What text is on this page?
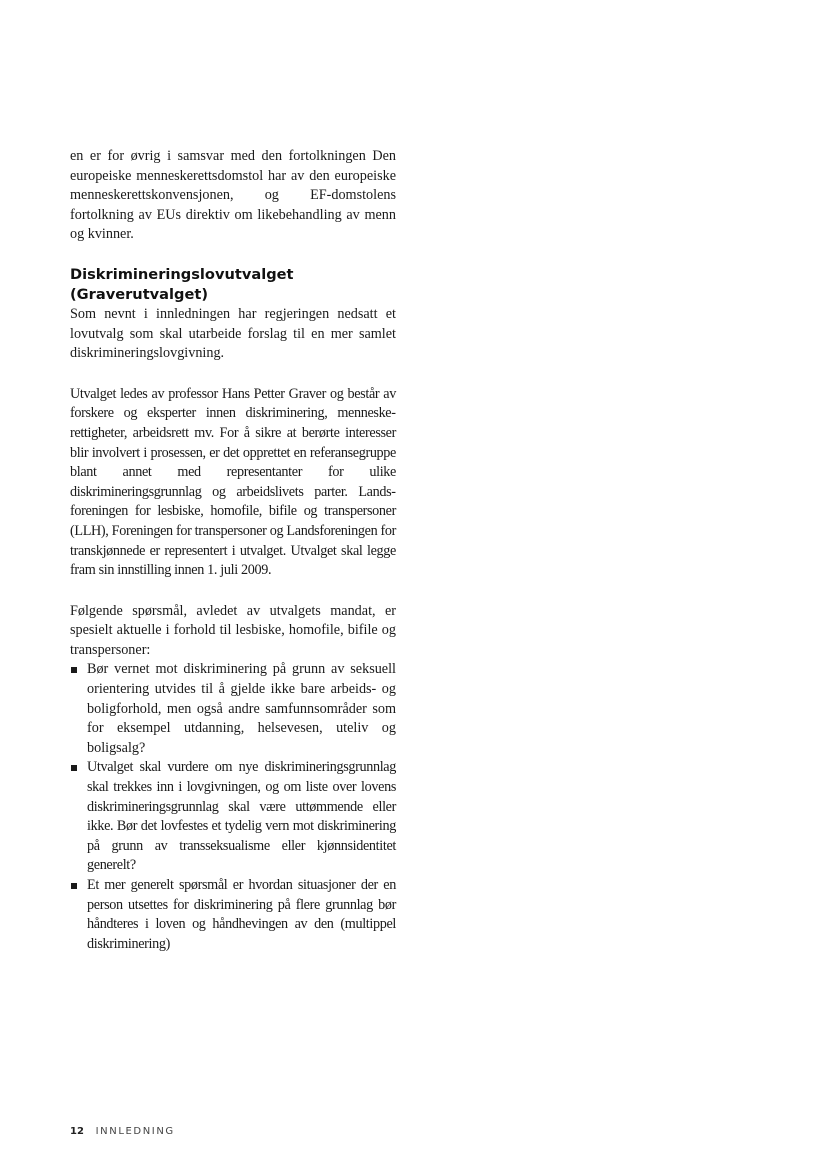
en er for øvrig i samsvar med den fortolkningen Den europeiske menneskerettsdomstol har av den europeiske menneskerettskonvensjonen, og EF-domstolens fortolkning av EUs direktiv om likebehandling av menn og kvinner.

Diskrimineringslovutvalget (Graverutvalget)

Som nevnt i innledningen har regjeringen nedsatt et lovutvalg som skal utarbeide forslag til en mer samlet diskrimineringslovgivning.

Utvalget ledes av professor Hans Petter Graver og består av forskere og eksperter innen diskriminering, menneskerettigheter, arbeidsrett mv. For å sikre at berørte interesser blir involvert i prosessen, er det opprettet en referansegruppe blant annet med representanter for ulike diskrimineringsgrunnlag og arbeidslivets parter. Landsforeningen for lesbiske, homofile, bifile og transpersoner (LLH), Foreningen for transpersoner og Landsforeningen for transkjønnede er representert i utvalget. Utvalget skal legge fram sin innstilling innen 1. juli 2009.

Følgende spørsmål, avledet av utvalgets mandat, er spesielt aktuelle i forhold til lesbiske, homofile, bifile og transpersoner:

Bør vernet mot diskriminering på grunn av seksuell orientering utvides til å gjelde ikke bare arbeids- og boligforhold, men også andre samfunnsområder som for eksempel utdanning, helsevesen, uteliv og boligsalg?
Utvalget skal vurdere om nye diskrimineringsgrunnlag skal trekkes inn i lovgivningen, og om liste over lovens diskrimineringsgrunnlag skal være uttømmende eller ikke. Bør det lovfestes et tydelig vern mot diskriminering på grunn av transseksualisme eller kjønnsidentitet generelt?
Et mer generelt spørsmål er hvordan situasjoner der en person utsettes for diskriminering på flere grunnlag bør håndteres i loven og håndhevingen av den (multippel diskriminering)
12 INNLEDNING
